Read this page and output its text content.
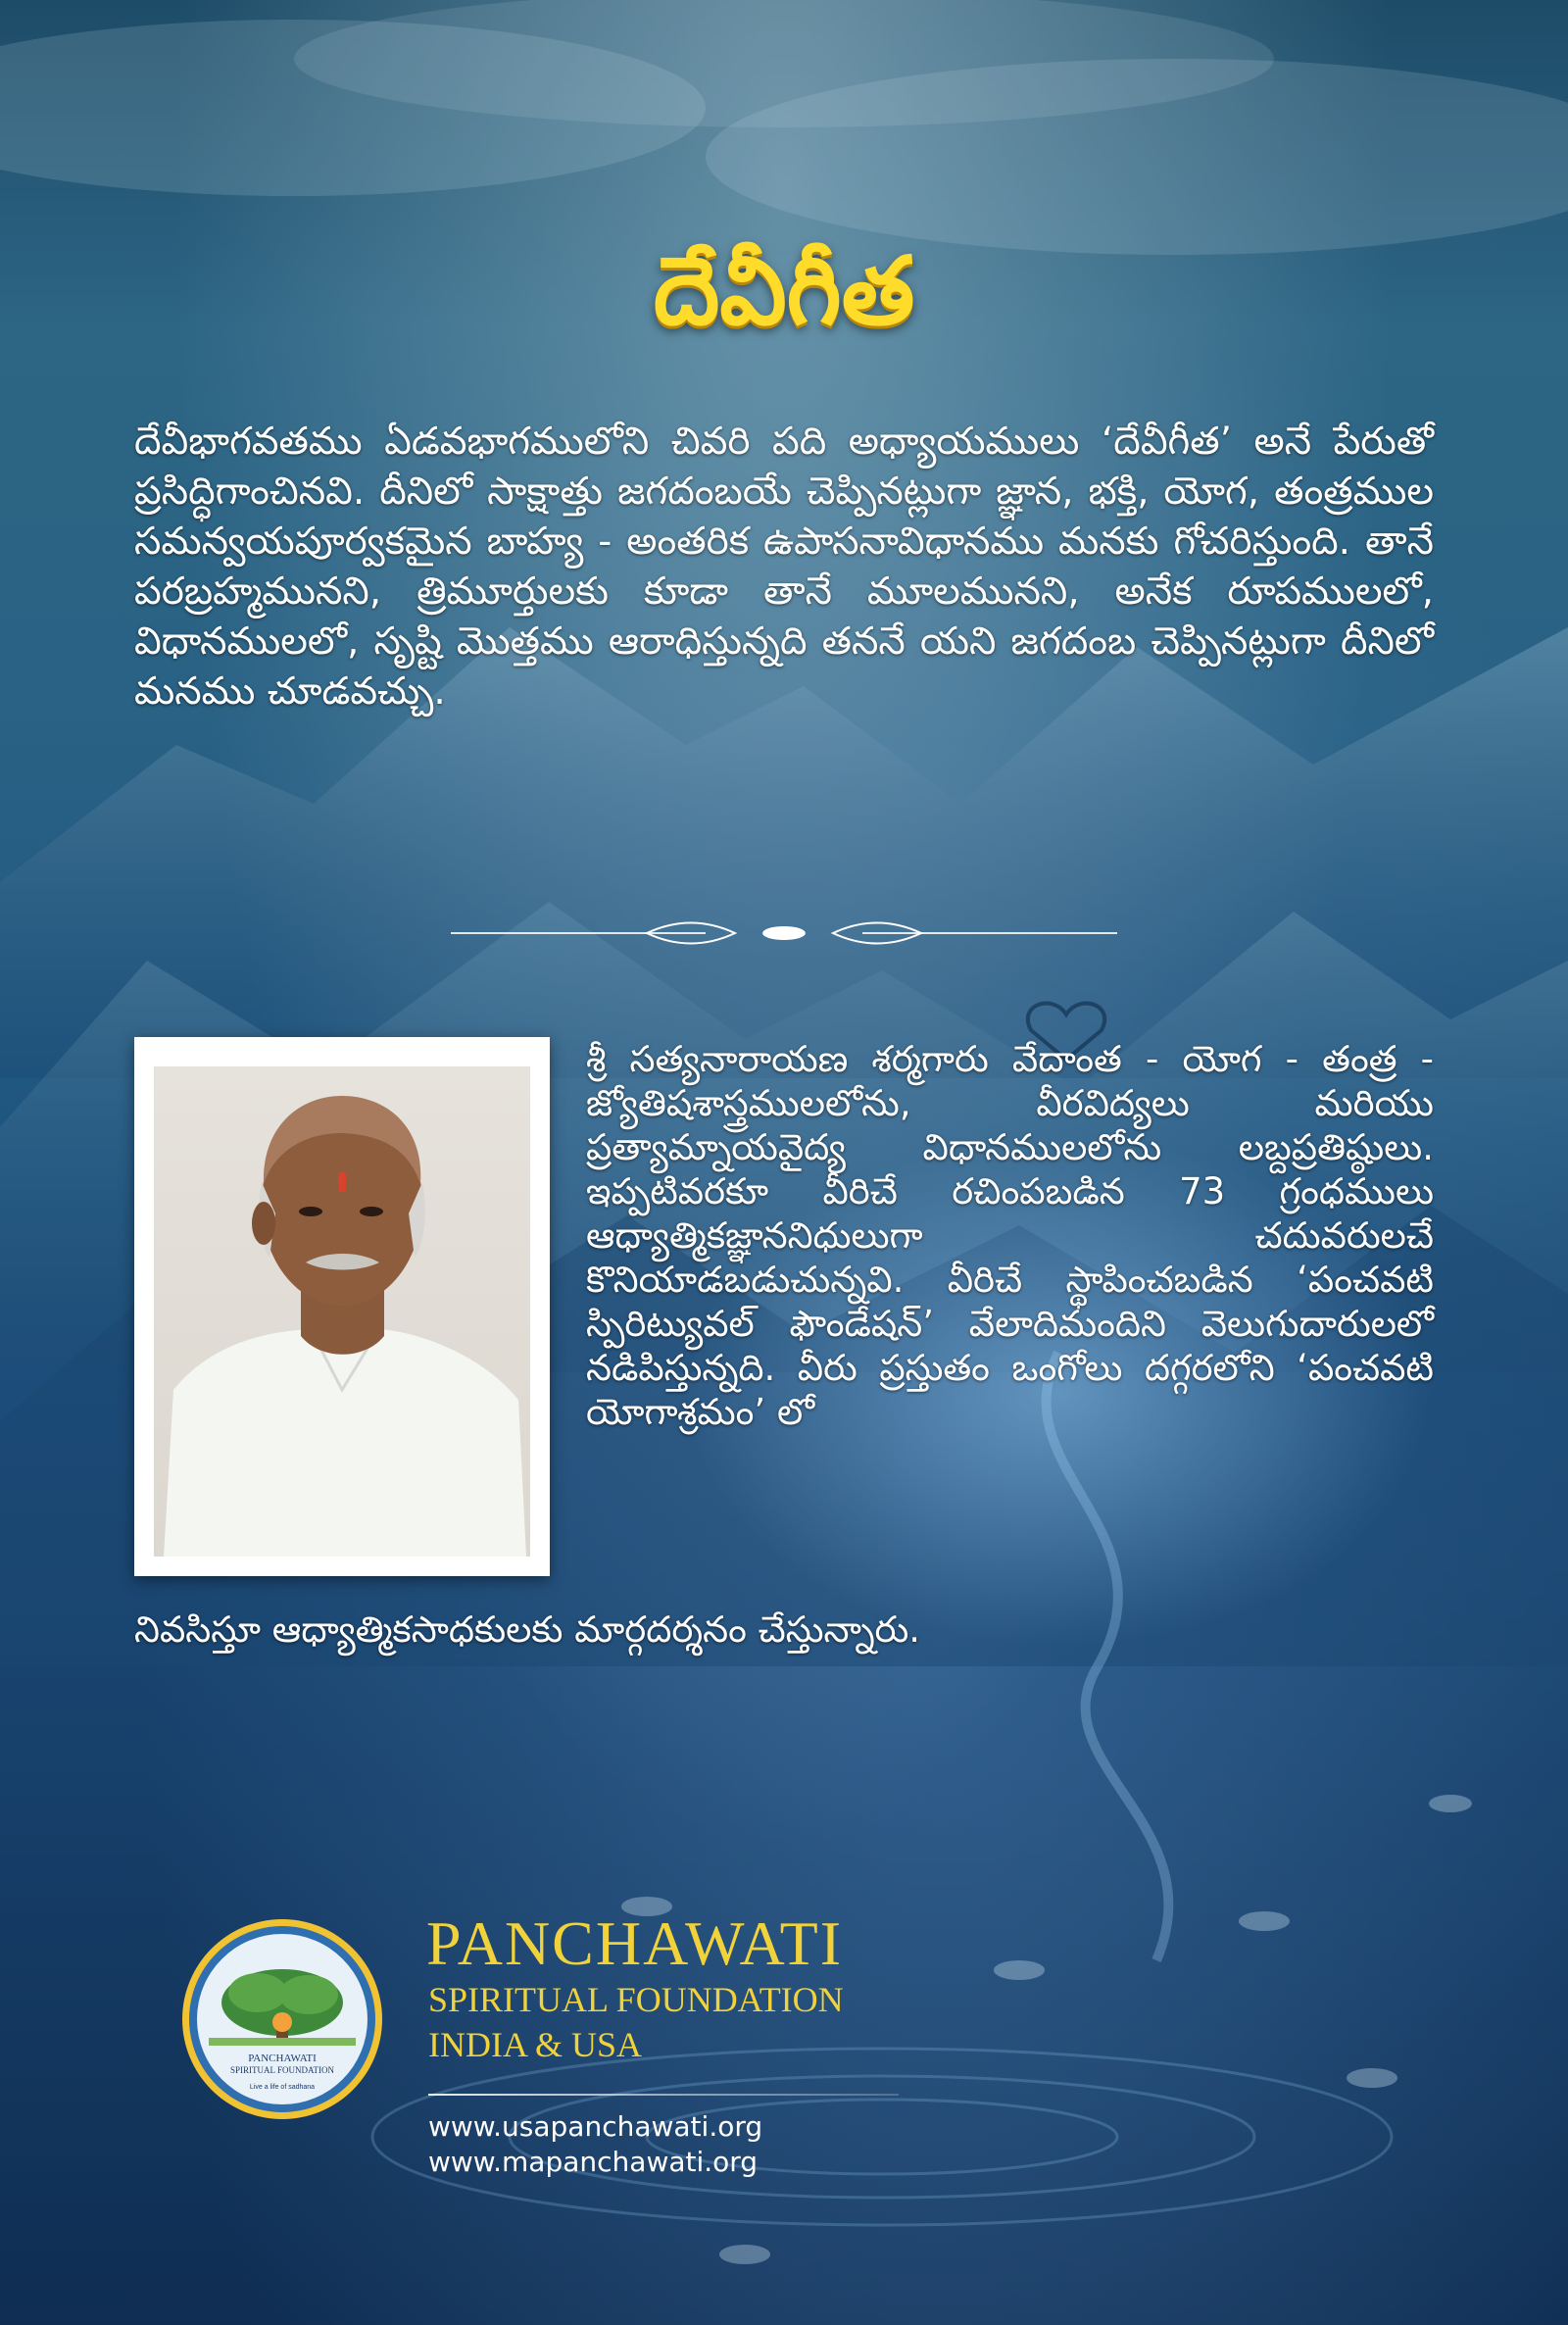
దేవీగీత

దేవీభాగవతము ఏడవభాగములోని చివరి పది అధ్యాయములు ‘దేవీగీత’ అనే పేరుతో ప్రసిద్ధిగాంచినవి. దీనిలో సాక్షాత్తు జగదంబయే చెప్పినట్లుగా జ్ఞాన, భక్తి, యోగ, తంత్రముల సమన్వయపూర్వకమైన బాహ్య - అంతరిక ఉపాసనావిధానము మనకు గోచరిస్తుంది. తానే పరబ్రహ్మమునని, త్రిమూర్తులకు కూడా తానే మూలమునని, అనేక రూపములలో, విధానములలో, సృష్టి మొత్తము ఆరాధిస్తున్నది తననే యని జగదంబ చెప్పినట్లుగా దీనిలో మనము చూడవచ్చు.

శ్రీ సత్యనారాయణ శర్మగారు వేదాంత - యోగ - తంత్ర - జ్యోతిషశాస్త్రములలోను, వీరవిద్యలు మరియు ప్రత్యామ్నాయవైద్య విధానములలోను లబ్దప్రతిష్ఠులు. ఇప్పటివరకూ వీరిచే రచింపబడిన 73 గ్రంధములు ఆధ్యాత్మికజ్ఞాననిధులుగా చదువరులచే కొనియాడబడుచున్నవి. వీరిచే స్థాపించబడిన ‘పంచవటి స్పిరిట్యువల్ ఫౌండేషన్’ వేలాదిమందిని వెలుగుదారులలో నడిపిస్తున్నది. వీరు ప్రస్తుతం ఒంగోలు దగ్గరలోని ‘పంచవటి యోగాశ్రమం’ లో

నివసిస్తూ ఆధ్యాత్మికసాధకులకు మార్గదర్శనం చేస్తున్నారు.

PANCHAWATI
SPIRITUAL FOUNDATION
Live a life of sadhana
PANCHAWATI
SPIRITUAL FOUNDATION
INDIA & USA
www.usapanchawati.org
www.mapanchawati.org
